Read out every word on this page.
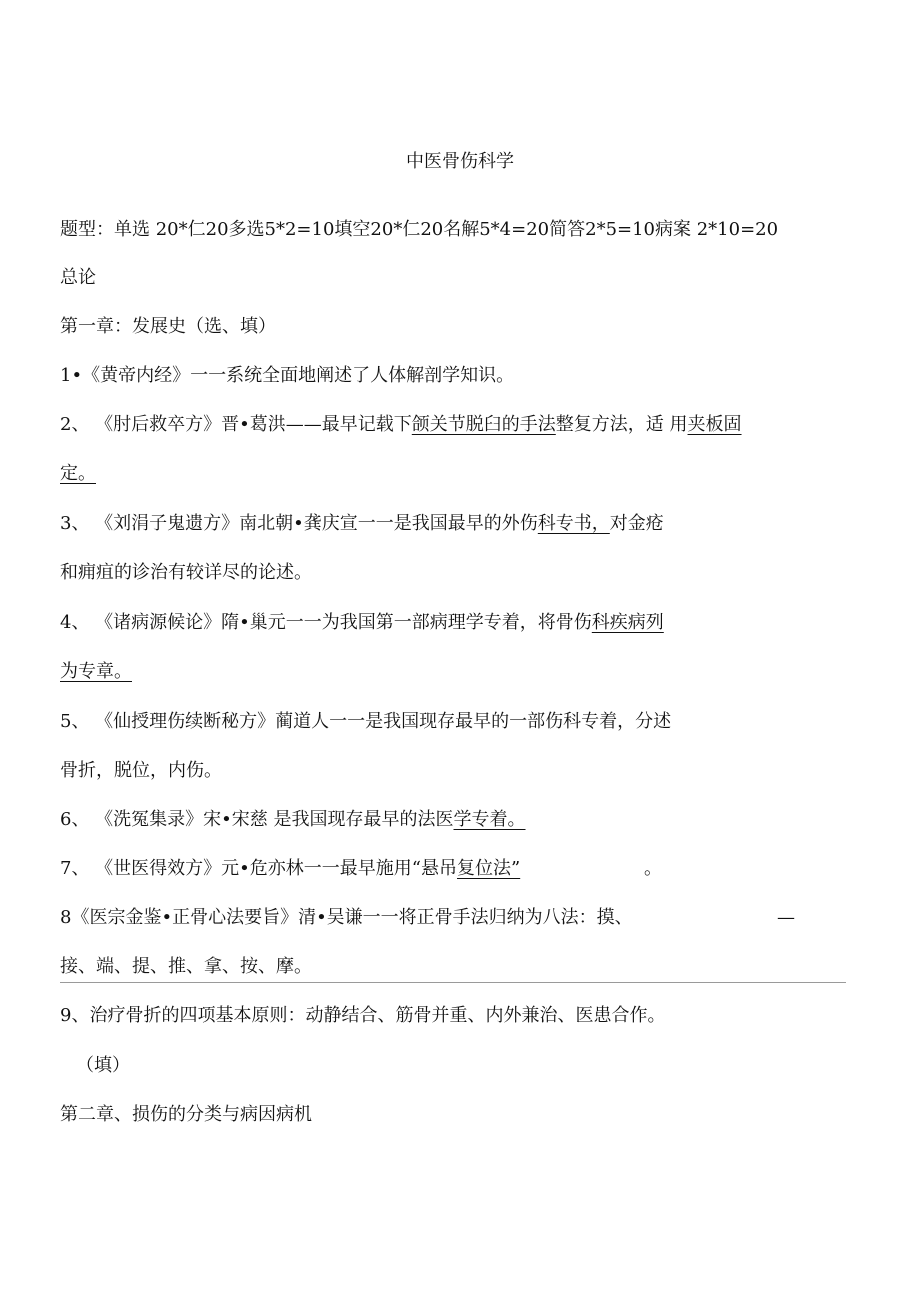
中医骨伤科学
题型：单选 20*仁20多选5*2=10填空20*仁20名解5*4=20简答2*5=10病案 2*10=20
总论
第一章：发展史（选、填）
1•《黄帝内经》一一系统全面地阐述了人体解剖学知识。
2、 《肘后救卒方》晋•葛洪——最早记载下颌关节脱臼的手法整复方法，适 用夹板固
定。
3、 《刘涓子鬼遗方》南北朝•龚庆宣一一是我国最早的外伤科专书，对金疮
和痈疽的诊治有较详尽的论述。
4、 《诸病源候论》隋•巢元一一为我国第一部病理学专着，将骨伤科疾病列
为专章。
5、 《仙授理伤续断秘方》蔺道人一一是我国现存最早的一部伤科专着，分述
骨折，脱位，内伤。
6、 《洗冤集录》宋•宋慈 是我国现存最早的法医学专着。
7、 《世医得效方》元•危亦林一一最早施用“悬吊复位法”	。
8《医宗金鉴•正骨心法要旨》清•吴谦一一将正骨手法归纳为八法：摸、	—
接、端、提、推、拿、按、摩。
9、治疗骨折的四项基本原则：动静结合、筋骨并重、内外兼治、医患合作。
（填）
第二章、损伤的分类与病因病机
